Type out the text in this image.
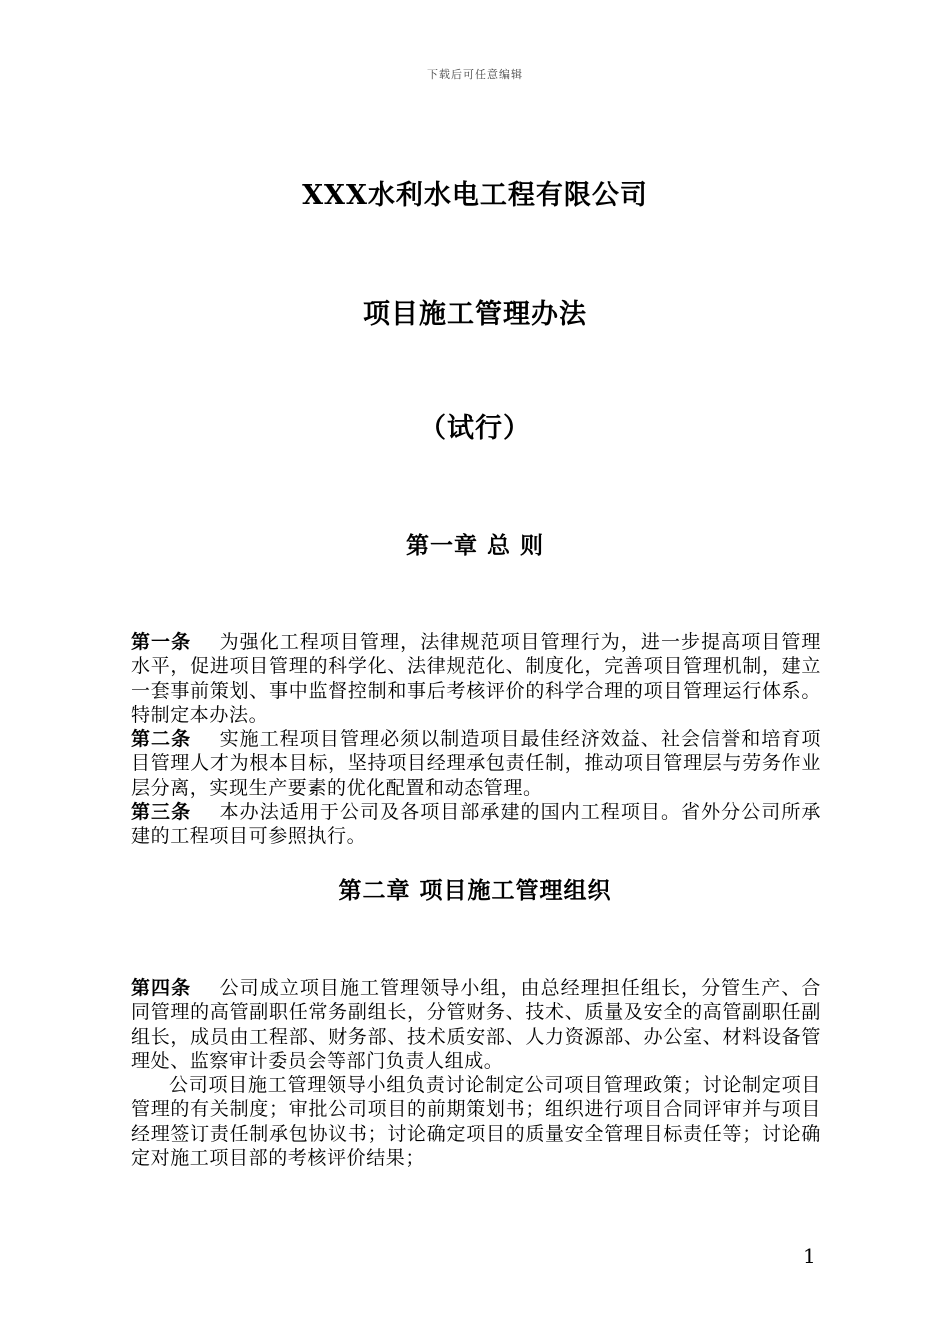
下载后可任意编辑
XXX水利水电工程有限公司
项目施工管理办法
（试行）
第一章 总 则

第一条 为强化工程项目管理，法律规范项目管理行为，进一步提高项目管理水平，促进项目管理的科学化、法律规范化、制度化，完善项目管理机制，建立一套事前策划、事中监督控制和事后考核评价的科学合理的项目管理运行体系。特制定本办法。

第二条 实施工程项目管理必须以制造项目最佳经济效益、社会信誉和培育项目管理人才为根本目标，坚持项目经理承包责任制，推动项目管理层与劳务作业层分离，实现生产要素的优化配置和动态管理。

第三条 本办法适用于公司及各项目部承建的国内工程项目。省外分公司所承建的工程项目可参照执行。

第二章 项目施工管理组织

第四条 公司成立项目施工管理领导小组，由总经理担任组长，分管生产、合同管理的高管副职任常务副组长，分管财务、技术、质量及安全的高管副职任副组长，成员由工程部、财务部、技术质安部、人力资源部、办公室、材料设备管理处、监察审计委员会等部门负责人组成。

公司项目施工管理领导小组负责讨论制定公司项目管理政策；讨论制定项目管理的有关制度；审批公司项目的前期策划书；组织进行项目合同评审并与项目经理签订责任制承包协议书；讨论确定项目的质量安全管理目标责任等；讨论确定对施工项目部的考核评价结果；

1
